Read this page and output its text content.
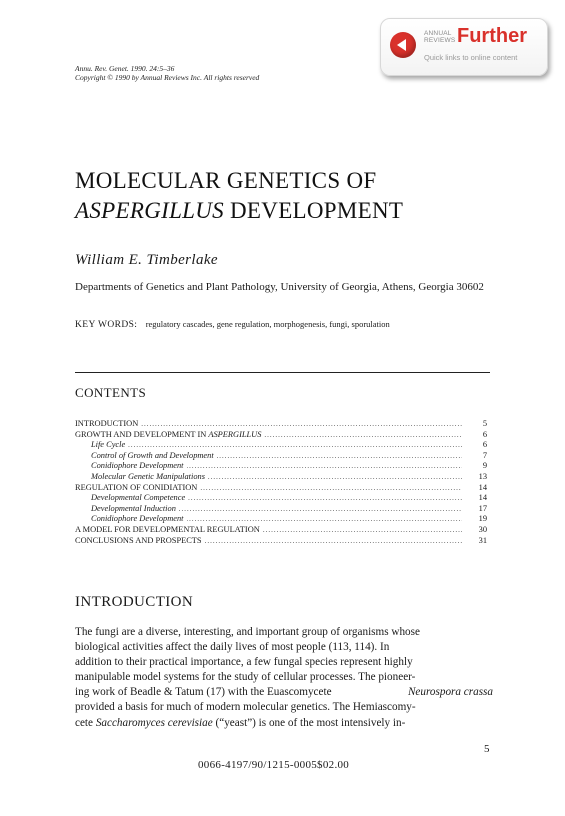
ANNUAL
REVIEWS Further
Quick links to online content
Annu. Rev. Genet. 1990. 24:5–36
Copyright © 1990 by Annual Reviews Inc. All rights reserved
MOLECULAR GENETICS OF
ASPERGILLUS DEVELOPMENT
William E. Timberlake
Departments of Genetics and Plant Pathology, University of Georgia, Athens, Georgia 30602
KEY WORDS: regulatory cascades, gene regulation, morphogenesis, fungi, sporulation
CONTENTS
INTRODUCTION .....	5
GROWTH AND DEVELOPMENT IN ASPERGILLUS .....	6
Life Cycle .....	6
Control of Growth and Development .....	7
Conidiophore Development .....	9
Molecular Genetic Manipulations .....	13
REGULATION OF CONIDIATION .....	14
Developmental Competence .....	14
Developmental Induction .....	17
Conidiophore Development .....	19
A MODEL FOR DEVELOPMENTAL REGULATION .....	30
CONCLUSIONS AND PROSPECTS .....	31
INTRODUCTION
The fungi are a diverse, interesting, and important group of organisms whose
biological activities affect the daily lives of most people (113, 114). In
addition to their practical importance, a few fungal species represent highly
manipulable model systems for the study of cellular processes. The pioneer-
ing work of Beadle & Tatum (17) with the Euascomycete	Neurospora crassa
provided a basis for much of modern molecular genetics. The Hemiascomy-
cete Saccharomyces cerevisiae (“yeast”) is one of the most intensively in-
5
0066-4197/90/1215-0005$02.00
